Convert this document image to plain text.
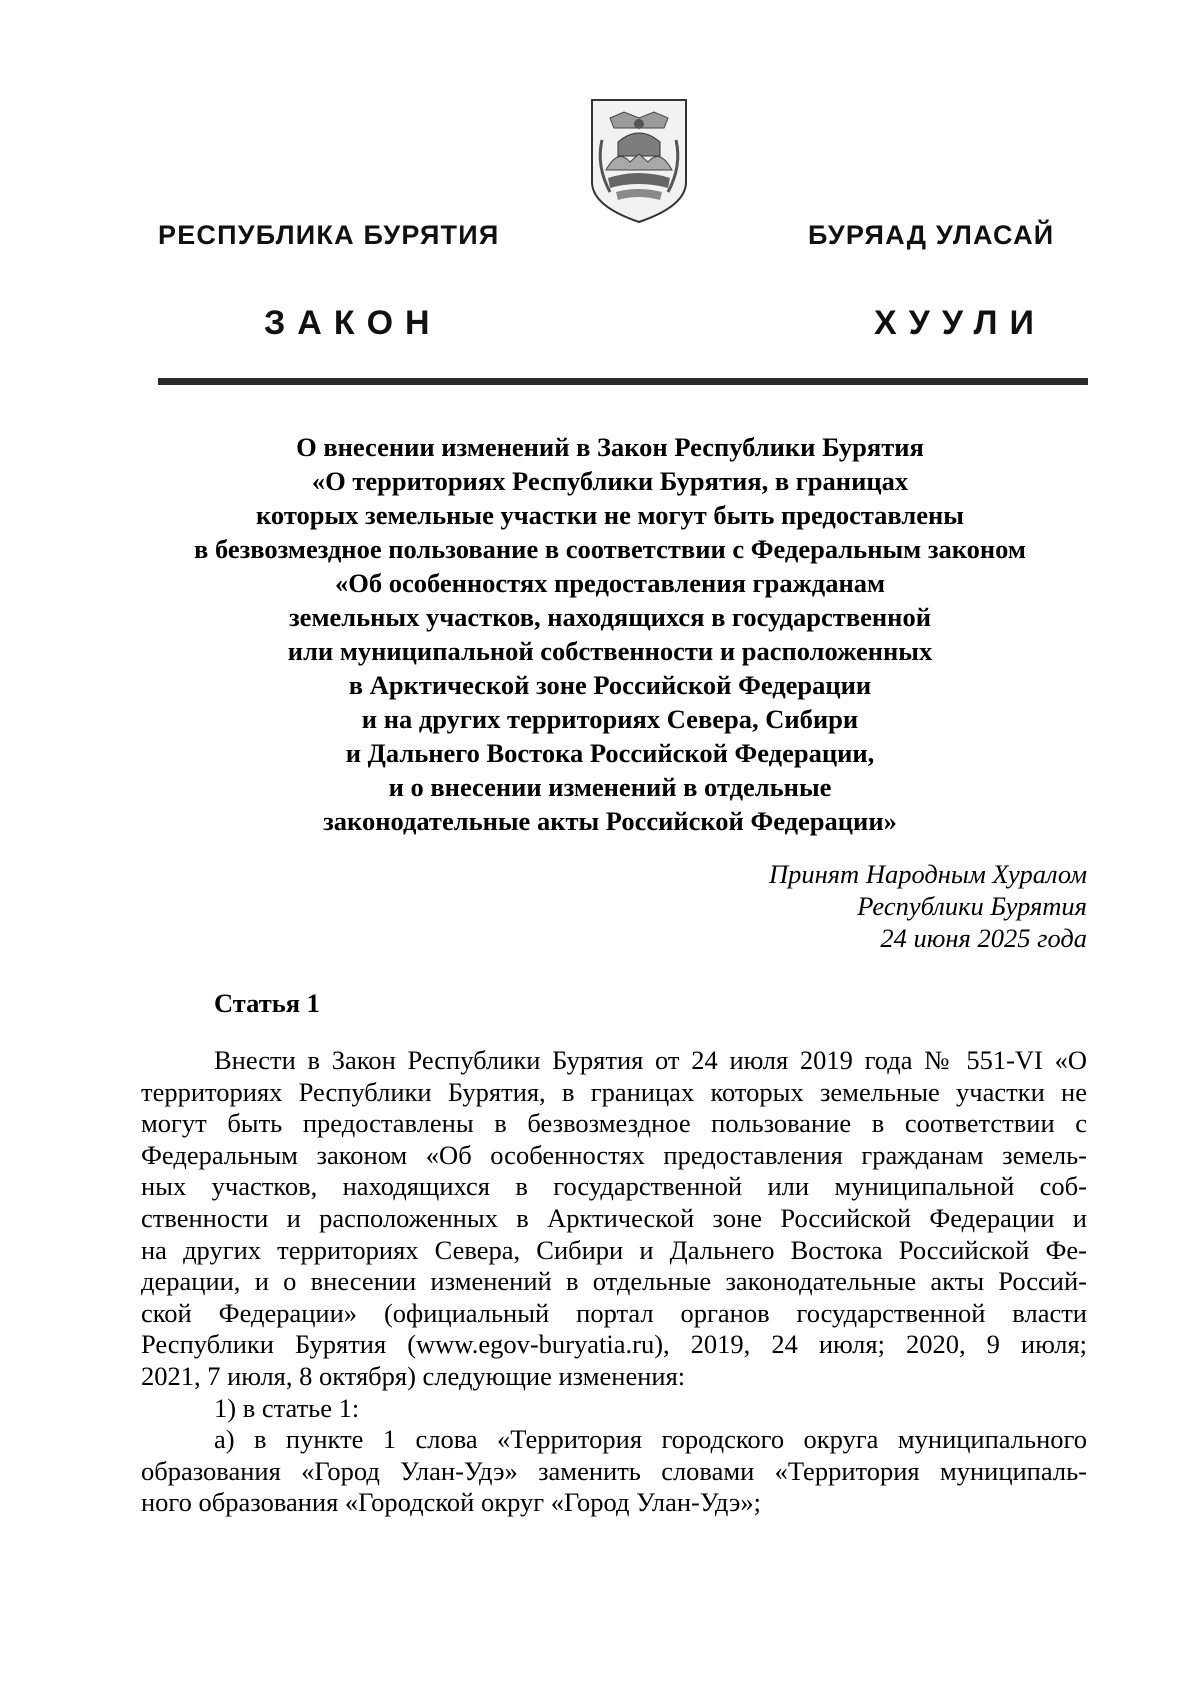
РЕСПУБЛИКА БУРЯТИЯ	БУРЯАД УЛАСАЙ
ЗАКОН	ХУУЛИ
О внесении изменений в Закон Республики Бурятия
«О территориях Республики Бурятия, в границах
которых земельные участки не могут быть предоставлены
в безвозмездное пользование в соответствии с Федеральным законом
«Об особенностях предоставления гражданам
земельных участков, находящихся в государственной
или муниципальной собственности и расположенных
в Арктической зоне Российской Федерации
и на других территориях Севера, Сибири
и Дальнего Востока Российской Федерации,
и о внесении изменений в отдельные
законодательные акты Российской Федерации»
Принят Народным Хуралом
Республики Бурятия
24 июня 2025 года
Статья 1
Внести в Закон Республики Бурятия от 24 июля 2019 года № 551-VI «О
территориях Республики Бурятия, в границах которых земельные участки не
могут быть предоставлены в безвозмездное пользование в соответствии с
Федеральным законом «Об особенностях предоставления гражданам земель-
ных участков, находящихся в государственной или муниципальной соб-
ственности и расположенных в Арктической зоне Российской Федерации и
на других территориях Севера, Сибири и Дальнего Востока Российской Фе-
дерации, и о внесении изменений в отдельные законодательные акты Россий-
ской Федерации» (официальный портал органов государственной власти
Республики Бурятия (www.egov-buryatia.ru), 2019, 24 июля; 2020, 9 июля;
2021, 7 июля, 8 октября) следующие изменения:
1) в статье 1:
а) в пункте 1 слова «Территория городского округа муниципального
образования «Город Улан-Удэ» заменить словами «Территория муниципаль-
ного образования «Городской округ «Город Улан-Удэ»;
